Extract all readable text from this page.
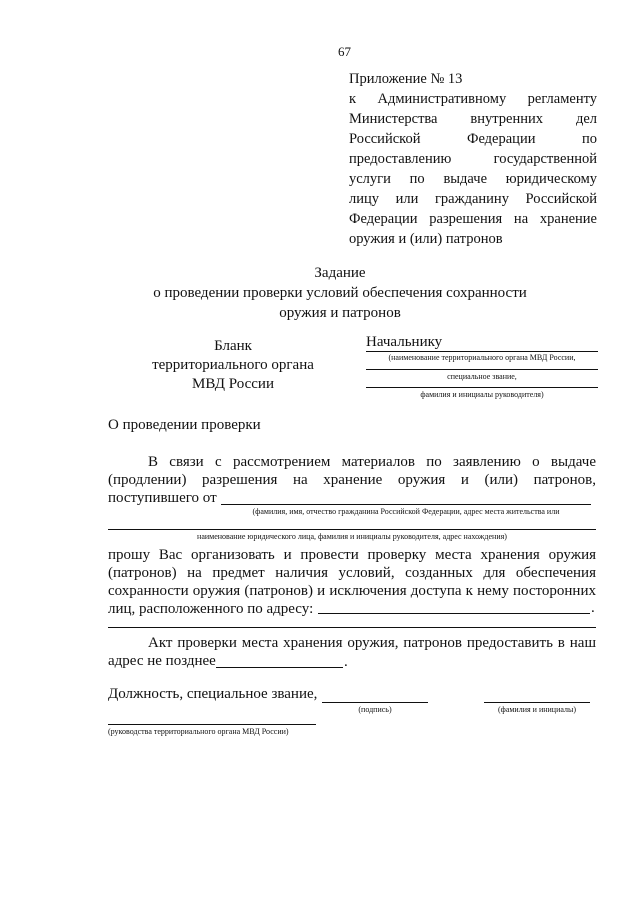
67
Приложение № 13
к Административному регламенту
Министерства внутренних дел
Российской Федерации по
предоставлению государственной
услуги по выдаче юридическому
лицу или гражданину Российской
Федерации разрешения на хранение
оружия и (или) патронов
Задание
о проведении проверки условий обеспечения сохранности
оружия и патронов
Бланк
территориального органа
МВД России
Начальнику
(наименование территориального органа МВД России,
специальное звание,
фамилия и инициалы руководителя)
О проведении проверки
В связи с рассмотрением материалов по заявлению о выдаче
(продлении) разрешения на хранение оружия и (или) патронов,
поступившего от
(фамилия, имя, отчество гражданина Российской Федерации, адрес места жительства или
наименование юридического лица, фамилия и инициалы руководителя, адрес нахождения)
прошу Вас организовать и провести проверку места хранения оружия
(патронов) на предмет наличия условий, созданных для обеспечения
сохранности оружия (патронов) и исключения доступа к нему посторонних
лиц, расположенного по адресу:	.
Акт проверки места хранения оружия, патронов предоставить в наш
адрес не позднее	.
Должность, специальное звание,
(подпись)	(фамилия и инициалы)
(руководства территориального органа МВД России)
